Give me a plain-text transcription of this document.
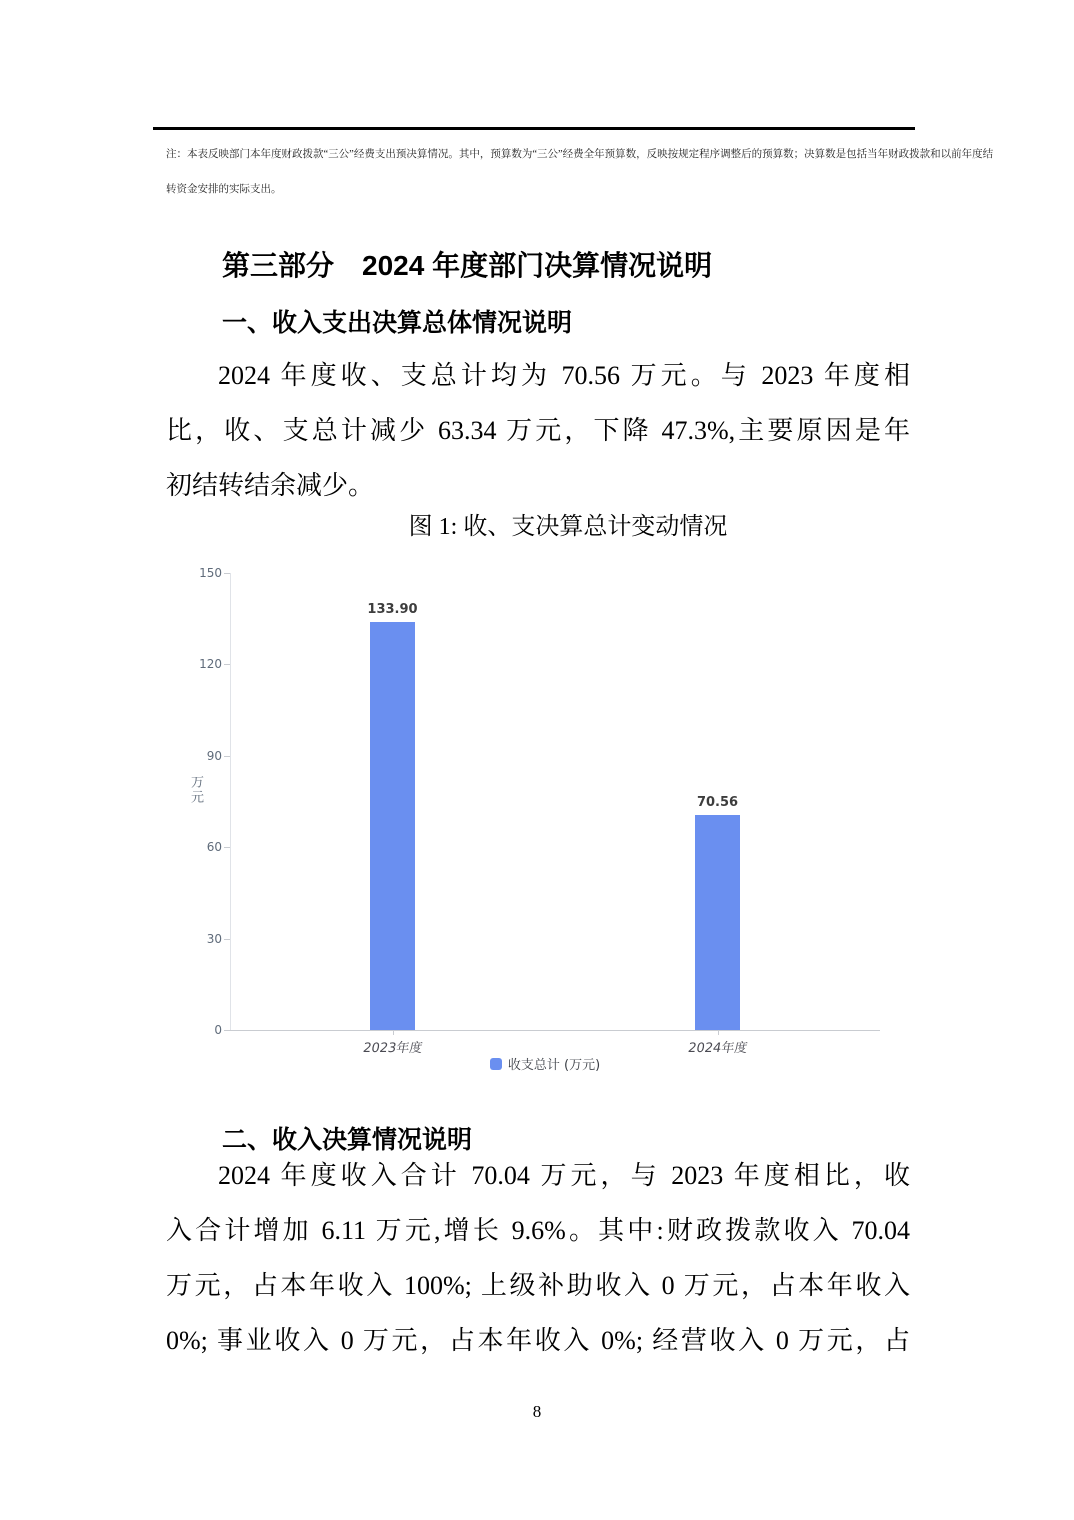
注：本表反映部门本年度财政拨款“三公”经费支出预决算情况。其中，预算数为“三公”经费全年预算数，反映按规定程序调整后的预算数；决算数是包括当年财政拨款和以前年度结
转资金安排的实际支出。
第三部分　2024 年度部门决算情况说明
一、收入支出决算总体情况说明
2024 年度收、支总计均为 70.56 万元。与 2023 年度相
比，收、支总计减少 63.34 万元，下降 47.3%,主要原因是年
初结转结余减少。
图 1: 收、支决算总计变动情况
万元
收支总计 (万元)
0
30
60
90
120
150
133.90
2023年度
70.56
2024年度
二、收入决算情况说明
2024 年度收入合计 70.04 万元，与 2023 年度相比，收
入合计增加 6.11 万元,增长 9.6%。其中:财政拨款收入 70.04
万元，占本年收入 100%; 上级补助收入 0 万元，占本年收入
0%; 事业收入 0 万元，占本年收入 0%; 经营收入 0 万元，占
8
